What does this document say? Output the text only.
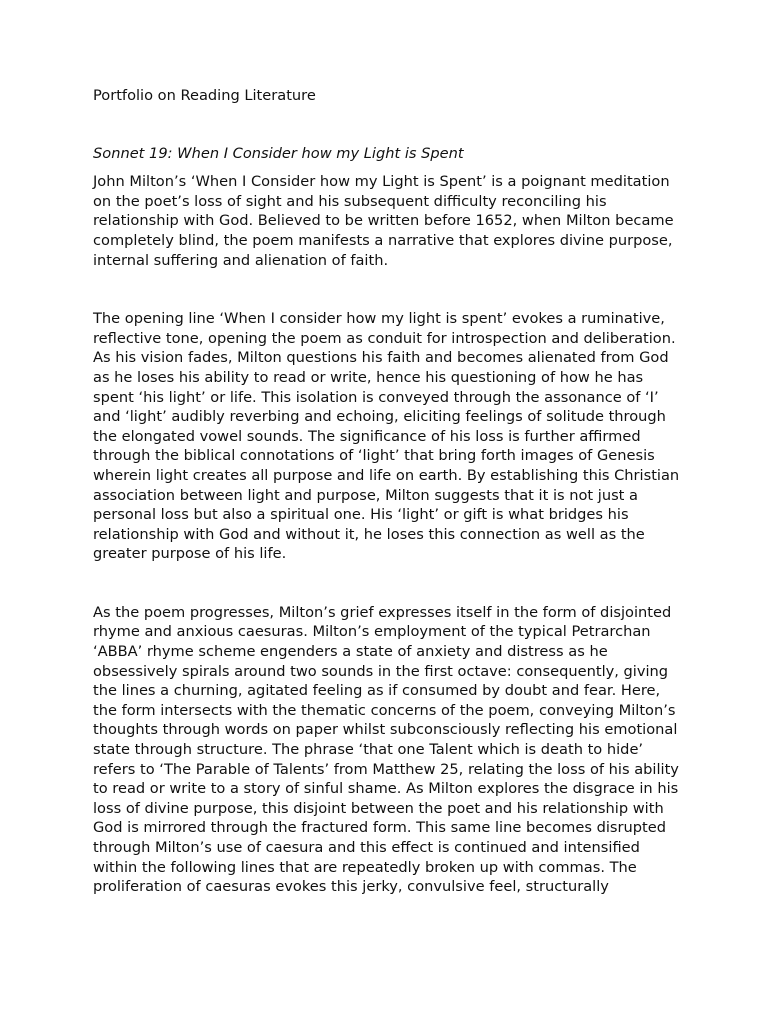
Portfolio on Reading Literature

Sonnet 19: When I Consider how my Light is Spent

John Milton’s ‘When I Consider how my Light is Spent’ is a poignant meditation on the poet’s loss of sight and his subsequent difficulty reconciling his relationship with God. Believed to be written before 1652, when Milton became completely blind, the poem manifests a narrative that explores divine purpose, internal suffering and alienation of faith.

The opening line ‘When I consider how my light is spent’ evokes a ruminative, reflective tone, opening the poem as conduit for introspection and deliberation. As his vision fades, Milton questions his faith and becomes alienated from God as he loses his ability to read or write, hence his questioning of how he has spent ‘his light’ or life. This isolation is conveyed through the assonance of ‘I’ and ‘light’ audibly reverbing and echoing, eliciting feelings of solitude through the elongated vowel sounds. The significance of his loss is further affirmed through the biblical connotations of ‘light’ that bring forth images of Genesis wherein light creates all purpose and life on earth. By establishing this Christian association between light and purpose, Milton suggests that it is not just a personal loss but also a spiritual one. His ‘light’ or gift is what bridges his relationship with God and without it, he loses this connection as well as the greater purpose of his life.

As the poem progresses, Milton’s grief expresses itself in the form of disjointed rhyme and anxious caesuras. Milton’s employment of the typical Petrarchan ‘ABBA’ rhyme scheme engenders a state of anxiety and distress as he obsessively spirals around two sounds in the first octave: consequently, giving the lines a churning, agitated feeling as if consumed by doubt and fear. Here, the form intersects with the thematic concerns of the poem, conveying Milton’s thoughts through words on paper whilst subconsciously reflecting his emotional state through structure. The phrase ‘that one Talent which is death to hide’ refers to ‘The Parable of Talents’ from Matthew 25, relating the loss of his ability to read or write to a story of sinful shame. As Milton explores the disgrace in his loss of divine purpose, this disjoint between the poet and his relationship with God is mirrored through the fractured form. This same line becomes disrupted through Milton’s use of caesura and this effect is continued and intensified within the following lines that are repeatedly broken up with commas. The proliferation of caesuras evokes this jerky, convulsive feel, structurally
